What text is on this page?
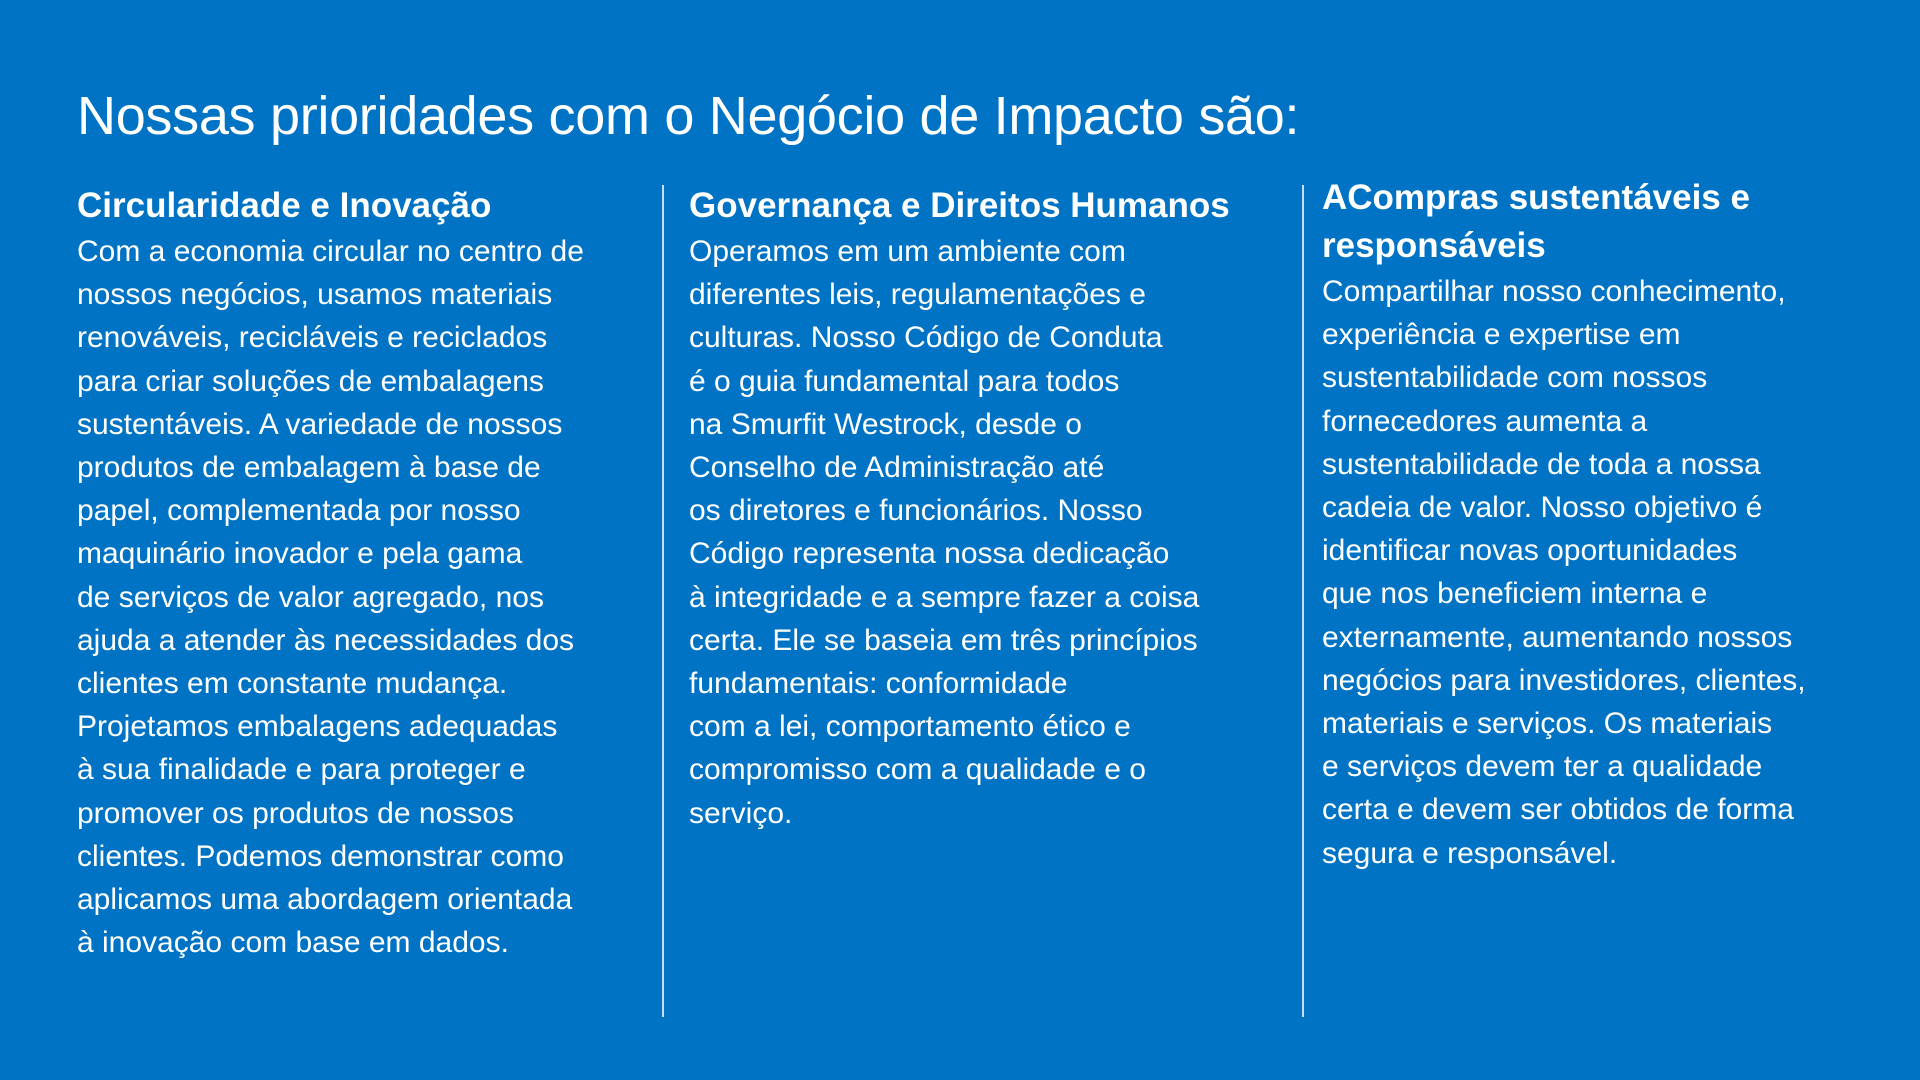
Nossas prioridades com o Negócio de Impacto são:
Circularidade e Inovação

Com a economia circular no centro de
nossos negócios, usamos materiais
renováveis, recicláveis e reciclados
para criar soluções de embalagens
sustentáveis. A variedade de nossos
produtos de embalagem à base de
papel, complementada por nosso
maquinário inovador e pela gama
de serviços de valor agregado, nos
ajuda a atender às necessidades dos
clientes em constante mudança.
Projetamos embalagens adequadas
à sua finalidade e para proteger e
promover os produtos de nossos
clientes. Podemos demonstrar como
aplicamos uma abordagem orientada
à inovação com base em dados.

Governança e Direitos Humanos

Operamos em um ambiente com
diferentes leis, regulamentações e
culturas. Nosso Código de Conduta
é o guia fundamental para todos
na Smurfit Westrock, desde o
Conselho de Administração até
os diretores e funcionários. Nosso
Código representa nossa dedicação
à integridade e a sempre fazer a coisa
certa. Ele se baseia em três princípios
fundamentais: conformidade
com a lei, comportamento ético e
compromisso com a qualidade e o
serviço.

ACompras sustentáveis e
responsáveis

Compartilhar nosso conhecimento,
experiência e expertise em
sustentabilidade com nossos
fornecedores aumenta a
sustentabilidade de toda a nossa
cadeia de valor. Nosso objetivo é
identificar novas oportunidades
que nos beneficiem interna e
externamente, aumentando nossos
negócios para investidores, clientes,
materiais e serviços. Os materiais
e serviços devem ter a qualidade
certa e devem ser obtidos de forma
segura e responsável.
